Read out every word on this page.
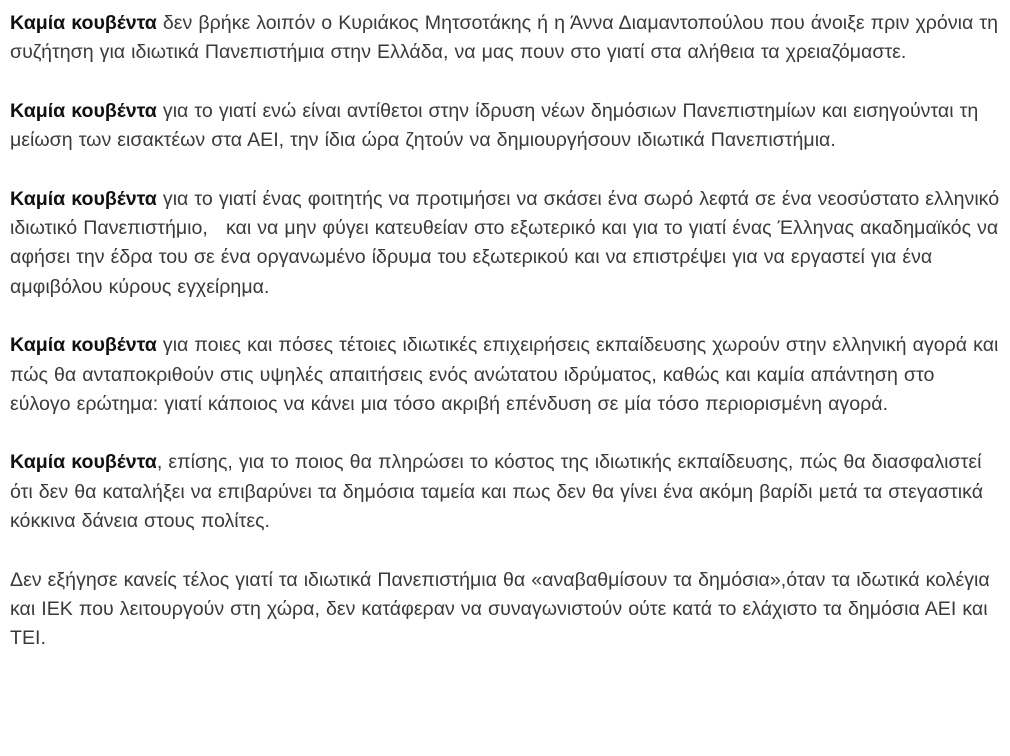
Καμία κουβέντα δεν βρήκε λοιπόν ο Κυριάκος Μητσοτάκης ή η Άννα Διαμαντοπούλου που άνοιξε πριν χρόνια τη συζήτηση για ιδιωτικά Πανεπιστήμια στην Ελλάδα, να μας πουν στο γιατί στα αλήθεια τα χρειαζόμαστε.

Καμία κουβέντα για το γιατί ενώ είναι αντίθετοι στην ίδρυση νέων δημόσιων Πανεπιστημίων και εισηγούνται τη μείωση των εισακτέων στα ΑΕΙ, την ίδια ώρα ζητούν να δημιουργήσουν ιδιωτικά Πανεπιστήμια.

Καμία κουβέντα για το γιατί ένας φοιτητής να προτιμήσει να σκάσει ένα σωρό λεφτά σε ένα νεοσύστατο ελληνικό ιδιωτικό Πανεπιστήμιο,   και να μην φύγει κατευθείαν στο εξωτερικό και για το γιατί ένας Έλληνας ακαδημαϊκός να αφήσει την έδρα του σε ένα οργανωμένο ίδρυμα του εξωτερικού και να επιστρέψει για να εργαστεί για ένα αμφιβόλου κύρους εγχείρημα.

Καμία κουβέντα για ποιες και πόσες τέτοιες ιδιωτικές επιχειρήσεις εκπαίδευσης χωρούν στην ελληνική αγορά και πώς θα ανταποκριθούν στις υψηλές απαιτήσεις ενός ανώτατου ιδρύματος, καθώς και καμία απάντηση στο εύλογο ερώτημα: γιατί κάποιος να κάνει μια τόσο ακριβή επένδυση σε μία τόσο περιορισμένη αγορά.

Καμία κουβέντα, επίσης, για το ποιος θα πληρώσει το κόστος της ιδιωτικής εκπαίδευσης, πώς θα διασφαλιστεί ότι δεν θα καταλήξει να επιβαρύνει τα δημόσια ταμεία και πως δεν θα γίνει ένα ακόμη βαρίδι μετά τα στεγαστικά κόκκινα δάνεια στους πολίτες.

Δεν εξήγησε κανείς τέλος γιατί τα ιδιωτικά Πανεπιστήμια θα «αναβαθμίσουν τα δημόσια»,όταν τα ιδωτικά κολέγια και ΙΕΚ που λειτουργούν στη χώρα, δεν κατάφεραν να συναγωνιστούν ούτε κατά το ελάχιστο τα δημόσια ΑΕΙ και ΤΕΙ.
